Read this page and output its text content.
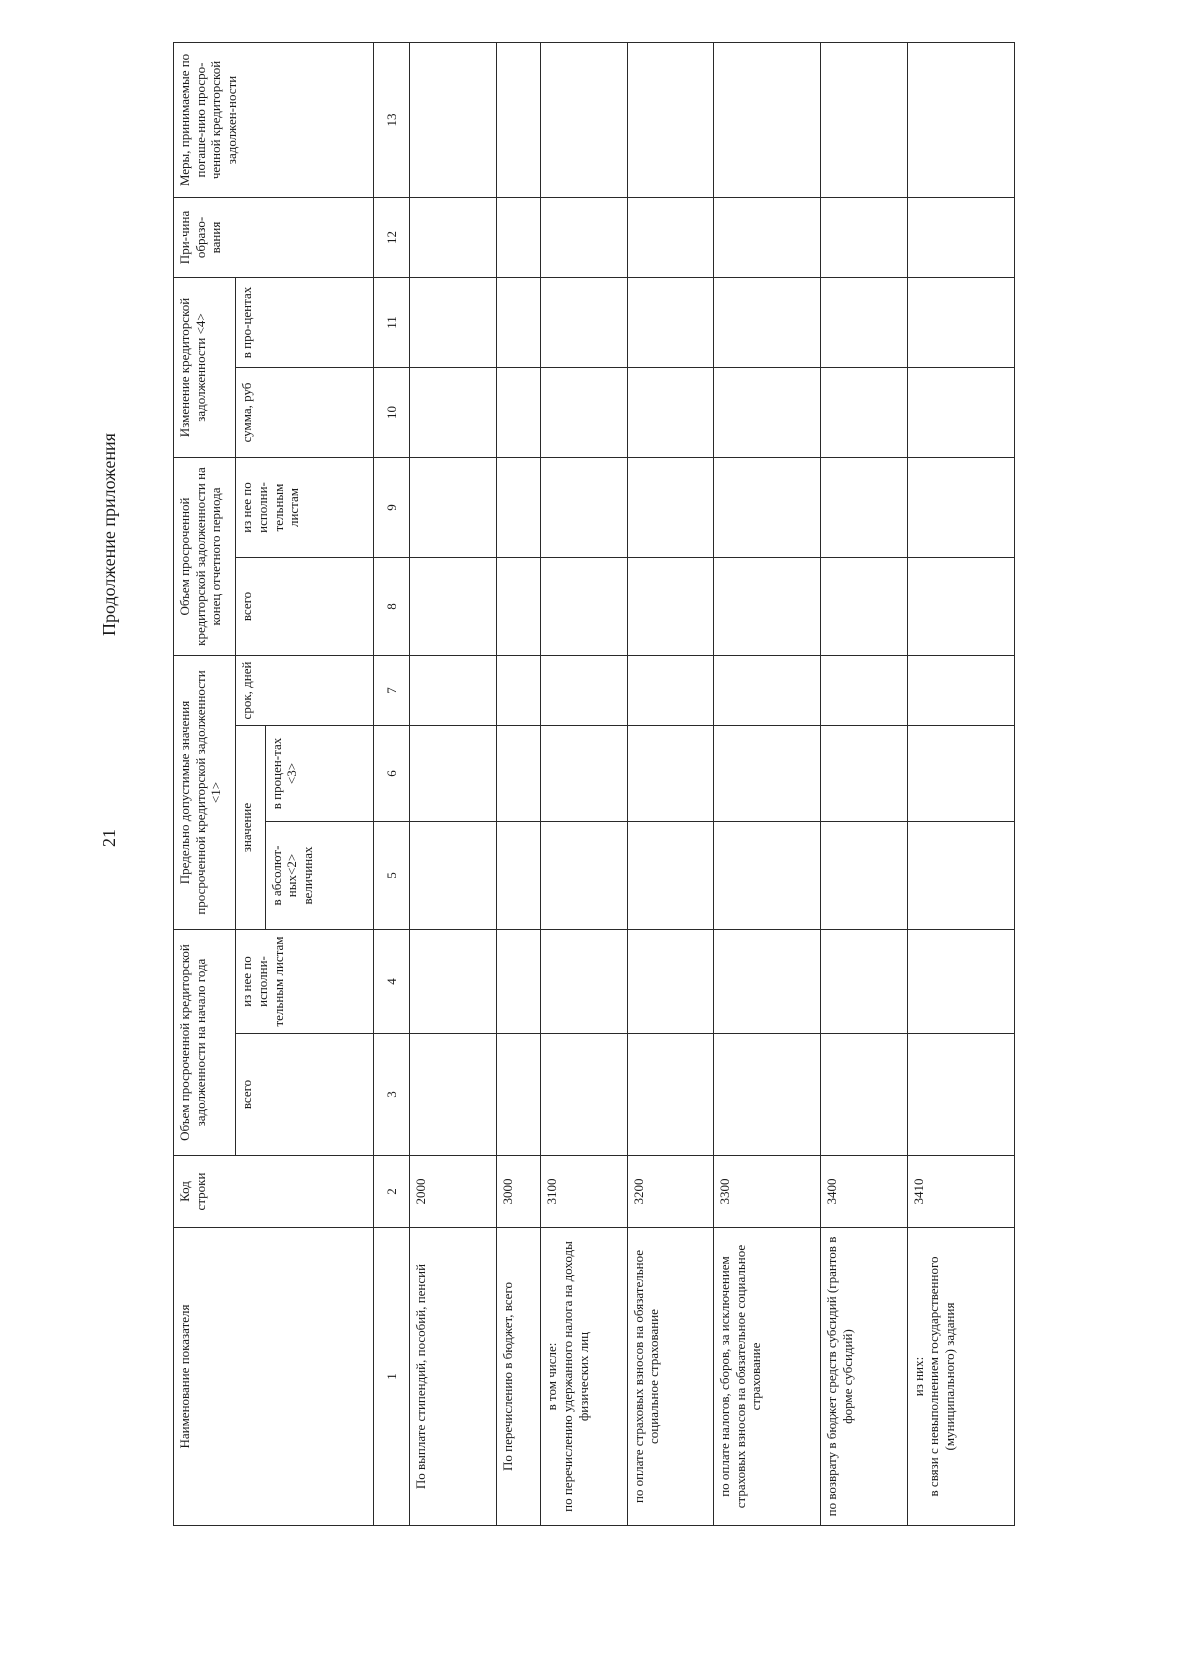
21
Продолжение приложения
Наименование показателя	Код строки	Объем просроченной кредиторской задолженности на начало года		Предельно допустимые значения просроченной кредиторской задолженности <1>			Объем просроченной кредиторской задолженности на конец отчетного периода		Изменение кредиторской задолженности <4>		При-чина образо-вания	Меры, принимаемые по погаше-нию просро-ченной кредиторской задолжен-ности
		всего	из нее по исполни-тельным листам	значение		срок, дней	всего	из нее по исполни-тельным листам	сумма, руб	в про-центах		
				в абсолют-ных<2> величинах	в процен-тах <3>							
1	2	3	4	5	6	7	8	9	10	11	12	13

По выплате стипендий, пособий, пенсий	2000											

По перечислению в бюджет, всего	3000											

в том числе: по перечислению удержанного налога на доходы физических лиц	3100											

по оплате страховых взносов на обязательное социальное страхование	3200											

по оплате налогов, сборов, за исключением страховых взносов на обязательное социальное страхование	3300											

по возврату в бюджет средств субсидий (грантов в форме субсидий)	3400											

из них: в связи с невыполнением государственного (муниципального) задания	3410											
